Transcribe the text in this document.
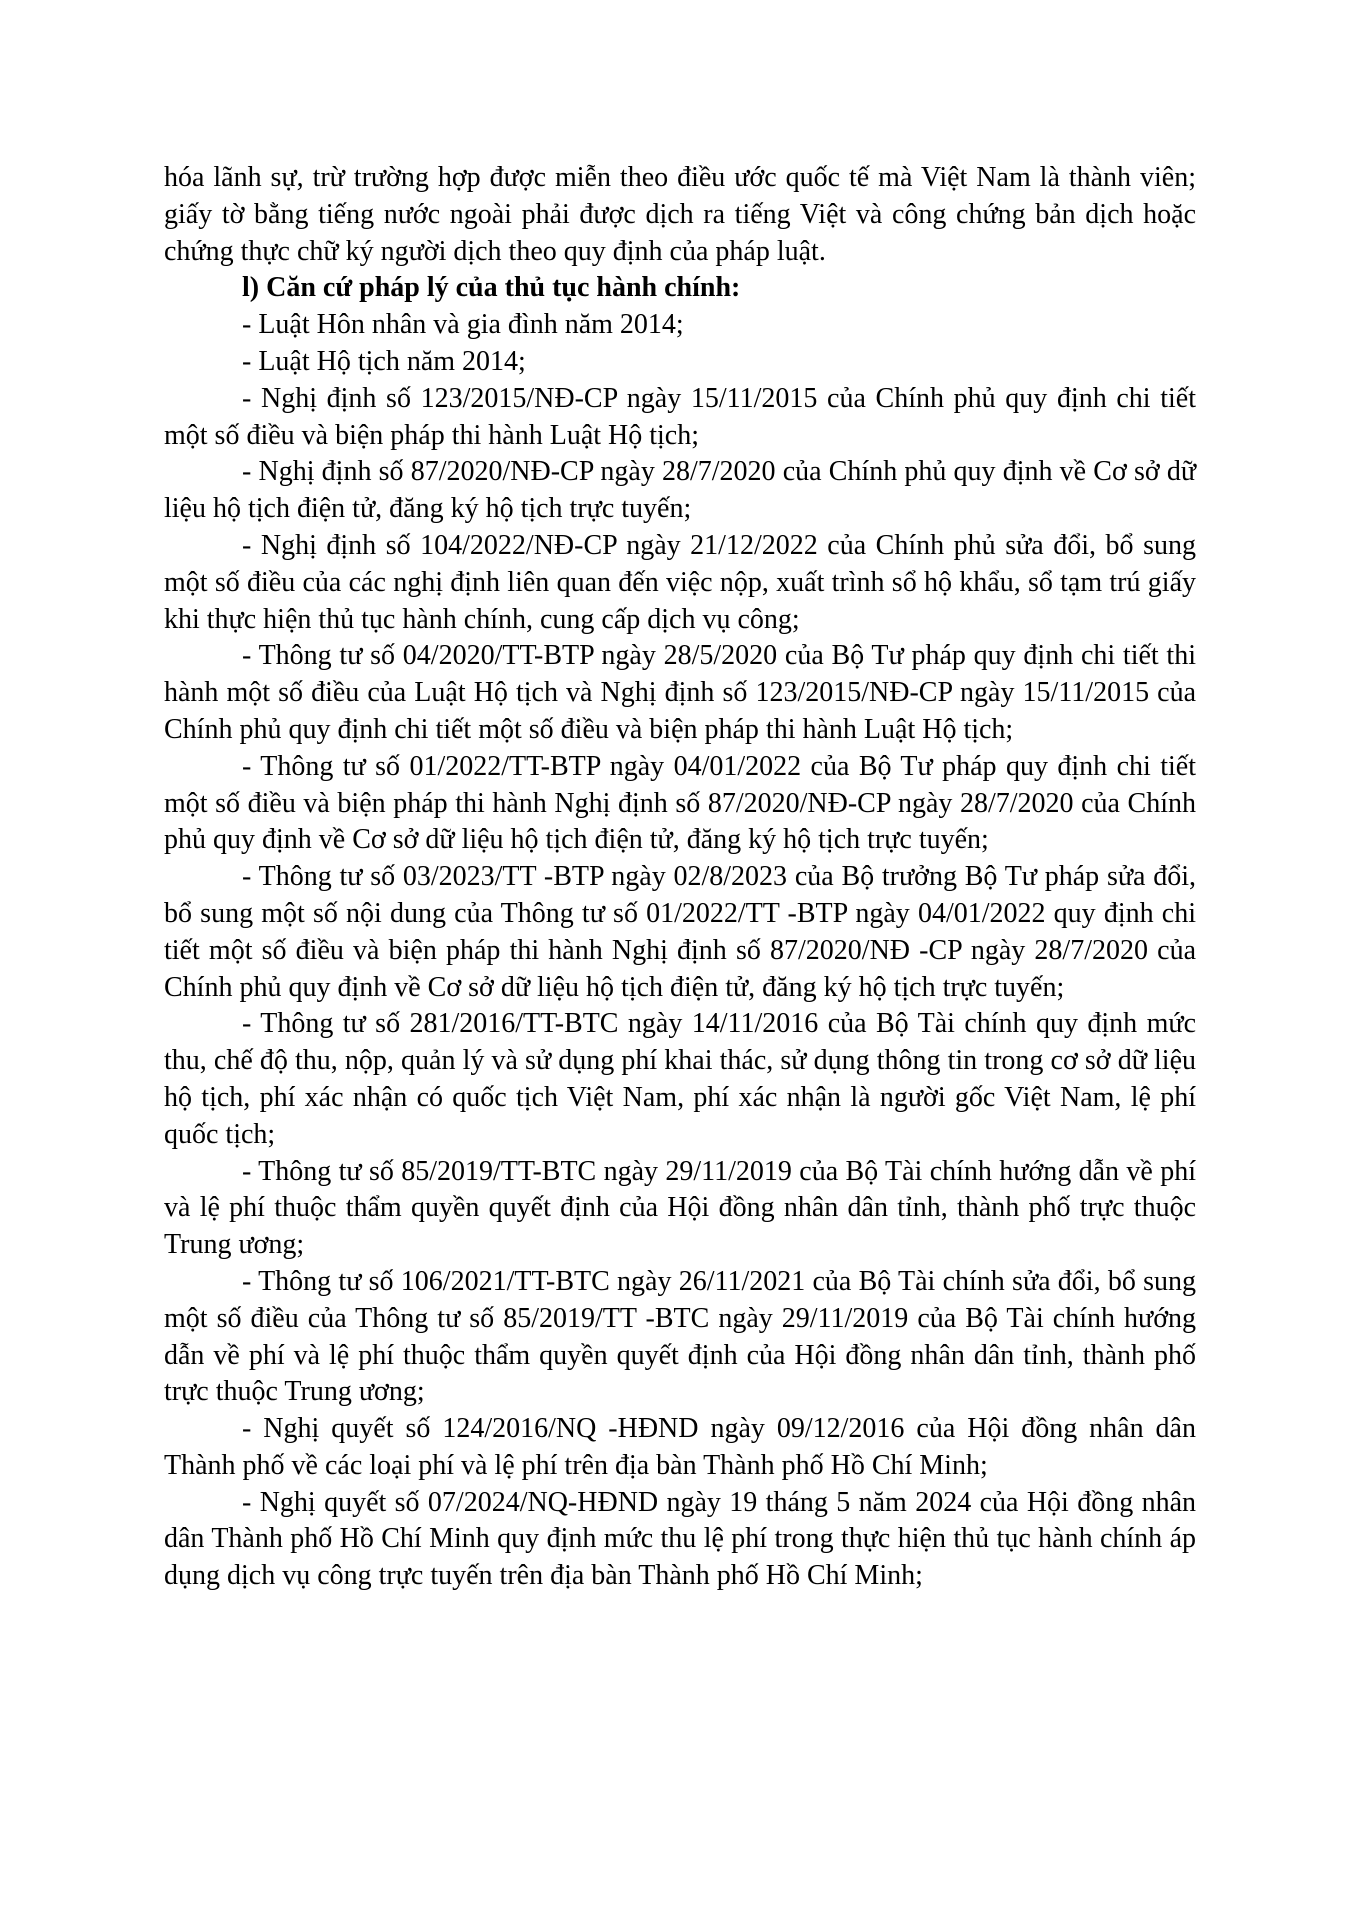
hóa lãnh sự, trừ trường hợp được miễn theo điều ước quốc tế mà Việt Nam là thành viên; giấy tờ bằng tiếng nước ngoài phải được dịch ra tiếng Việt và công chứng bản dịch hoặc chứng thực chữ ký người dịch theo quy định của pháp luật.

l) Căn cứ pháp lý của thủ tục hành chính:

- Luật Hôn nhân và gia đình năm 2014;

- Luật Hộ tịch năm 2014;

- Nghị định số 123/2015/NĐ-CP ngày 15/11/2015 của Chính phủ quy định chi tiết một số điều và biện pháp thi hành Luật Hộ tịch;

- Nghị định số 87/2020/NĐ-CP ngày 28/7/2020 của Chính phủ quy định về Cơ sở dữ liệu hộ tịch điện tử, đăng ký hộ tịch trực tuyến;

- Nghị định số 104/2022/NĐ-CP ngày 21/12/2022 của Chính phủ sửa đổi, bổ sung một số điều của các nghị định liên quan đến việc nộp, xuất trình sổ hộ khẩu, sổ tạm trú giấy khi thực hiện thủ tục hành chính, cung cấp dịch vụ công;

- Thông tư số 04/2020/TT-BTP ngày 28/5/2020 của Bộ Tư pháp quy định chi tiết thi hành một số điều của Luật Hộ tịch và Nghị định số 123/2015/NĐ-CP ngày 15/11/2015 của Chính phủ quy định chi tiết một số điều và biện pháp thi hành Luật Hộ tịch;

- Thông tư số 01/2022/TT-BTP ngày 04/01/2022 của Bộ Tư pháp quy định chi tiết một số điều và biện pháp thi hành Nghị định số 87/2020/NĐ-CP ngày 28/7/2020 của Chính phủ quy định về Cơ sở dữ liệu hộ tịch điện tử, đăng ký hộ tịch trực tuyến;

- Thông tư số 03/2023/TT -BTP ngày 02/8/2023 của Bộ trưởng Bộ Tư pháp sửa đổi, bổ sung một số nội dung của Thông tư số 01/2022/TT -BTP ngày 04/01/2022 quy định chi tiết một số điều và biện pháp thi hành Nghị định số 87/2020/NĐ -CP ngày 28/7/2020 của Chính phủ quy định về Cơ sở dữ liệu hộ tịch điện tử, đăng ký hộ tịch trực tuyến;

- Thông tư số 281/2016/TT-BTC ngày 14/11/2016 của Bộ Tài chính quy định mức thu, chế độ thu, nộp, quản lý và sử dụng phí khai thác, sử dụng thông tin trong cơ sở dữ liệu hộ tịch, phí xác nhận có quốc tịch Việt Nam, phí xác nhận là người gốc Việt Nam, lệ phí quốc tịch;

- Thông tư số 85/2019/TT-BTC ngày 29/11/2019 của Bộ Tài chính hướng dẫn về phí và lệ phí thuộc thẩm quyền quyết định của Hội đồng nhân dân tỉnh, thành phố trực thuộc Trung ương;

- Thông tư số 106/2021/TT-BTC ngày 26/11/2021 của Bộ Tài chính sửa đổi, bổ sung một số điều của Thông tư số 85/2019/TT -BTC ngày 29/11/2019 của Bộ Tài chính hướng dẫn về phí và lệ phí thuộc thẩm quyền quyết định của Hội đồng nhân dân tỉnh, thành phố trực thuộc Trung ương;

- Nghị quyết số 124/2016/NQ -HĐND ngày 09/12/2016 của Hội đồng nhân dân Thành phố về các loại phí và lệ phí trên địa bàn Thành phố Hồ Chí Minh;

- Nghị quyết số 07/2024/NQ-HĐND ngày 19 tháng 5 năm 2024 của Hội đồng nhân dân Thành phố Hồ Chí Minh quy định mức thu lệ phí trong thực hiện thủ tục hành chính áp dụng dịch vụ công trực tuyến trên địa bàn Thành phố Hồ Chí Minh;
